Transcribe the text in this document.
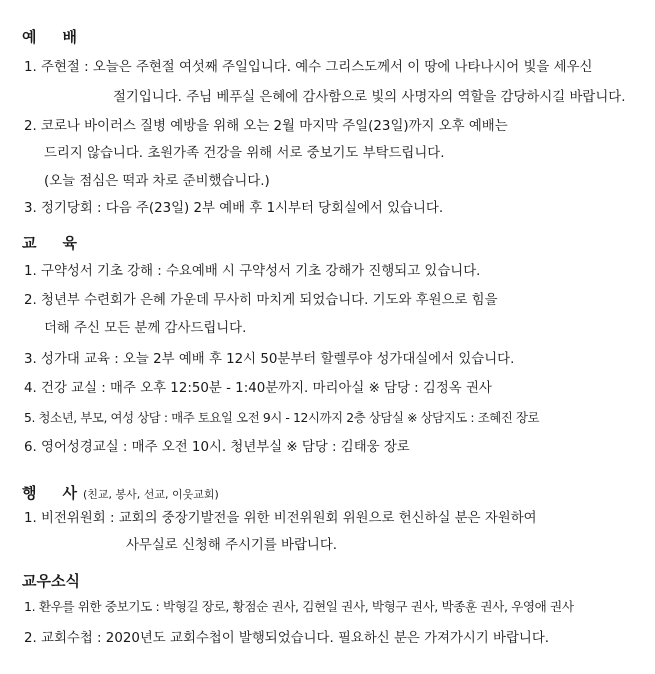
예 배
1. 주현절 : 오늘은 주현절 여섯째 주일입니다. 예수 그리스도께서 이 땅에 나타나시어 빛을 세우신
절기입니다. 주님 베푸실 은혜에 감사함으로 빛의 사명자의 역할을 감당하시길 바랍니다.
2. 코로나 바이러스 질병 예방을 위해 오는 2월 마지막 주일(23일)까지 오후 예배는
드리지 않습니다. 초원가족 건강을 위해 서로 중보기도 부탁드립니다.
(오늘 점심은 떡과 차로 준비했습니다.)
3. 정기당회 : 다음 주(23일) 2부 예배 후 1시부터 당회실에서 있습니다.
교 육
1. 구약성서 기초 강해 : 수요예배 시 구약성서 기초 강해가 진행되고 있습니다.
2. 청년부 수련회가 은혜 가운데 무사히 마치게 되었습니다. 기도와 후원으로 힘을
더해 주신 모든 분께 감사드립니다.
3. 성가대 교육 : 오늘 2부 예배 후 12시 50분부터 할렐루야 성가대실에서 있습니다.
4. 건강 교실 : 매주 오후 12:50분 - 1:40분까지. 마리아실 ※ 담당 : 김정옥 권사
5. 청소년, 부모, 여성 상담 : 매주 토요일 오전 9시 - 12시까지 2층 상담실 ※ 상담지도 : 조혜진 장로
6. 영어성경교실 : 매주 오전 10시. 청년부실 ※ 담당 : 김태웅 장로
행 사 (친교, 봉사, 선교, 이웃교회)
1. 비전위원회 : 교회의 중장기발전을 위한 비전위원회 위원으로 헌신하실 분은 자원하여
사무실로 신청해 주시기를 바랍니다.
교우소식
1. 환우를 위한 중보기도 : 박형길 장로, 황점순 권사, 김현일 권사, 박형구 권사, 박종훈 권사, 우영애 권사
2. 교회수첩 : 2020년도 교회수첩이 발행되었습니다. 필요하신 분은 가져가시기 바랍니다.
